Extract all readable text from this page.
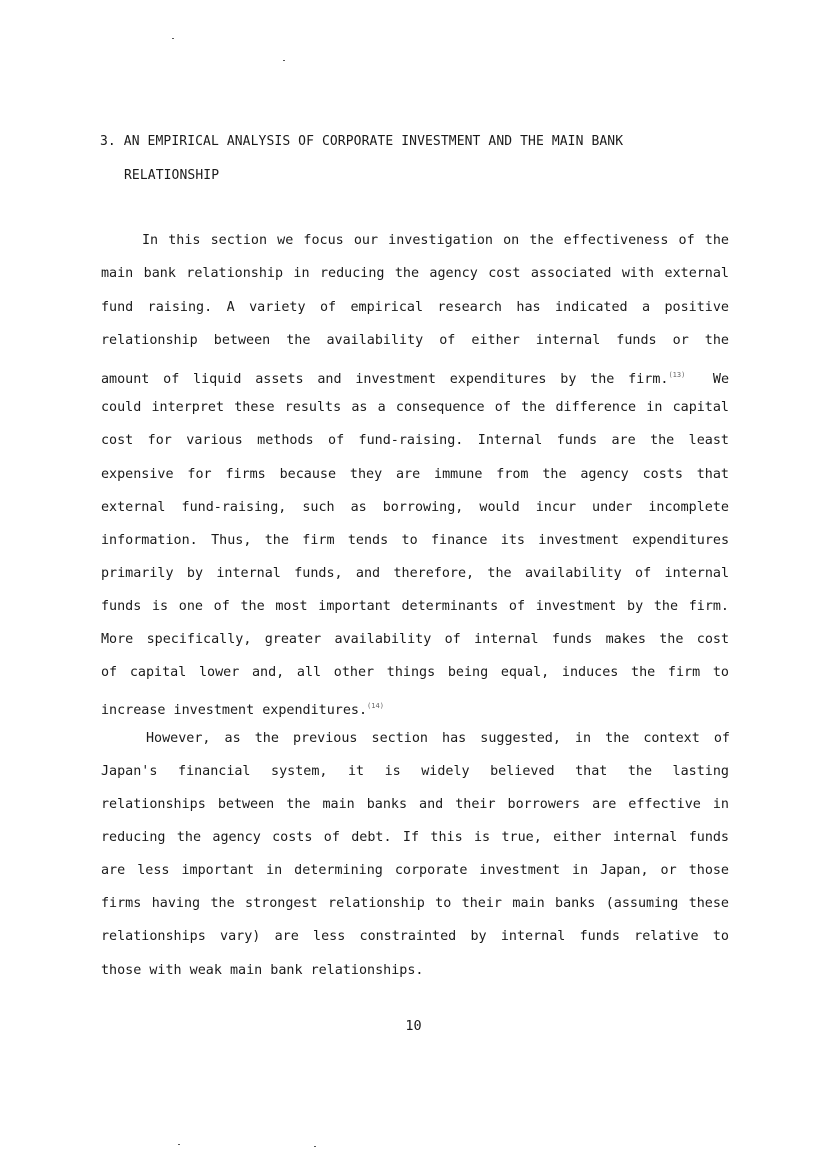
3. AN EMPIRICAL ANALYSIS OF CORPORATE INVESTMENT AND THE MAIN BANK
RELATIONSHIP
In this section we focus our investigation on the effectiveness of the
main bank relationship in reducing the agency cost associated with external
fund raising. A variety of empirical research has indicated a positive
relationship between the availability of either internal funds or the
amount of liquid assets and investment expenditures by the firm.$^{(13)}$ We
could interpret these results as a consequence of the difference in capital
cost for various methods of fund-raising. Internal funds are the least
expensive for firms because they are immune from the agency costs that
external fund-raising, such as borrowing, would incur under incomplete
information. Thus, the firm tends to finance its investment expenditures
primarily by internal funds, and therefore, the availability of internal
funds is one of the most important determinants of investment by the firm.
More specifically, greater availability of internal funds makes the cost
of capital lower and, all other things being equal, induces the firm to
increase investment expenditures.$^{(14)}$
However, as the previous section has suggested, in the context of
Japan's financial system, it is widely believed that the lasting
relationships between the main banks and their borrowers are effective in
reducing the agency costs of debt. If this is true, either internal funds
are less important in determining corporate investment in Japan, or those
firms having the strongest relationship to their main banks (assuming these
relationships vary) are less constrainted by internal funds relative to
those with weak main bank relationships.
10
